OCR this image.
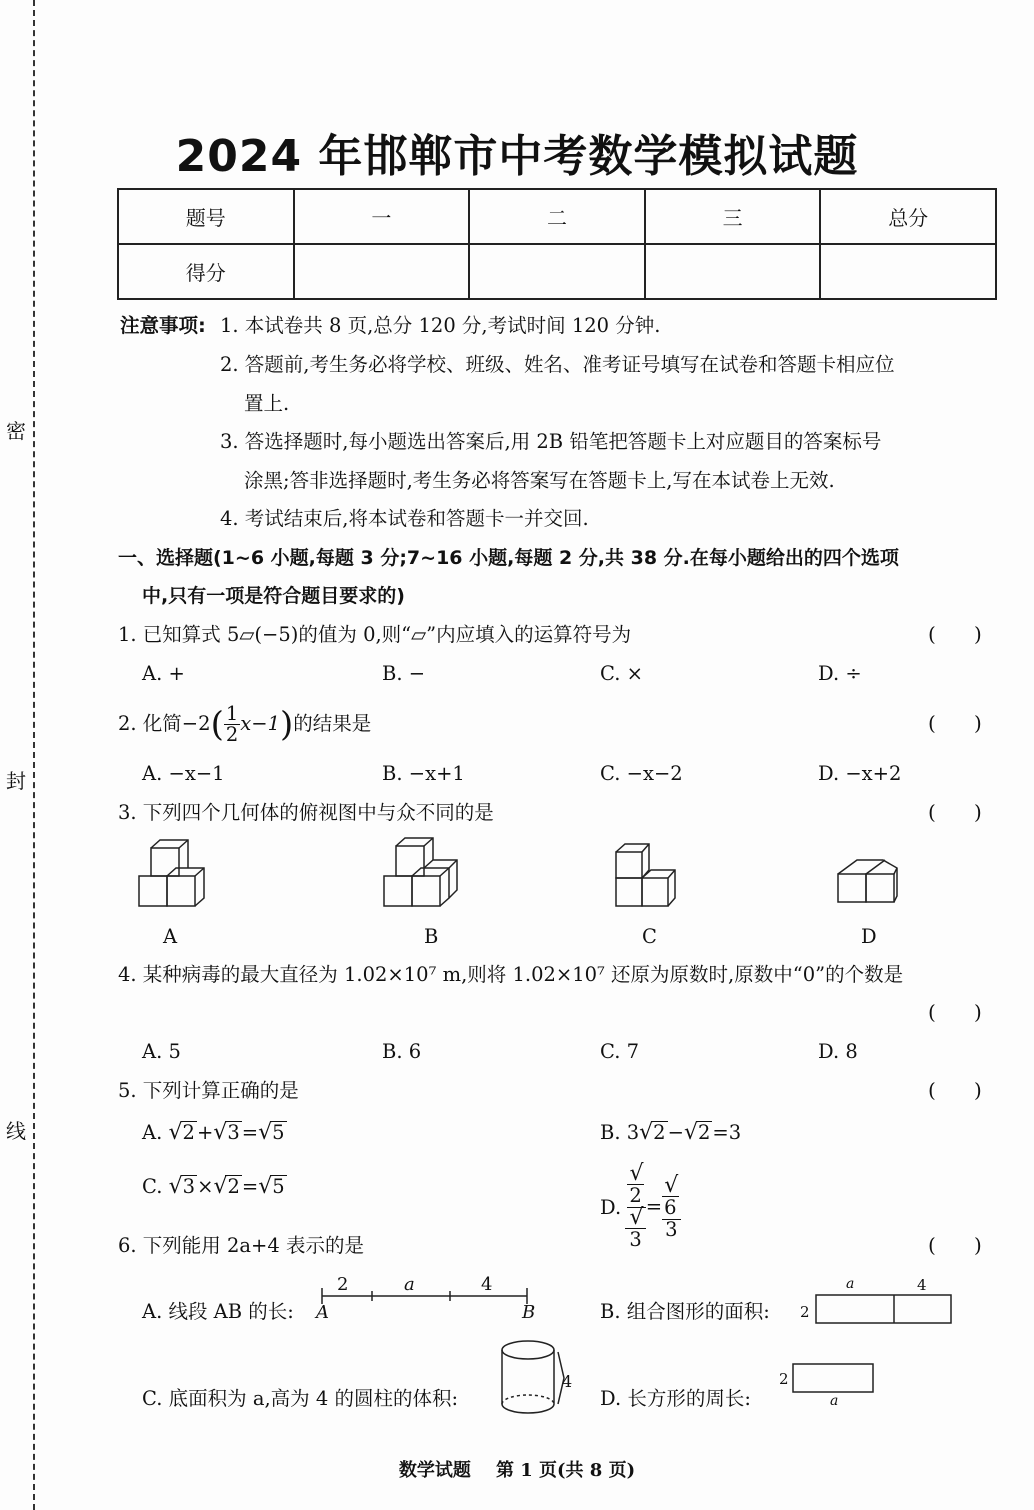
密
封
线
2024 年邯郸市中考数学模拟试题
题号	一	二	三	总分
得分				
注意事项: 1. 本试卷共 8 页,总分 120 分,考试时间 120 分钟.
2. 答题前,考生务必将学校、班级、姓名、准考证号填写在试卷和答题卡相应位
置上.
3. 答选择题时,每小题选出答案后,用 2B 铅笔把答题卡上对应题目的答案标号
涂黑;答非选择题时,考生务必将答案写在答题卡上,写在本试卷上无效.
4. 考试结束后,将本试卷和答题卡一并交回.
一、选择题(1~6 小题,每题 3 分;7~16 小题,每题 2 分,共 38 分.在每小题给出的四个选项
中,只有一项是符合题目要求的)
1. 已知算式 5▱(−5)的值为 0,则“▱”内应填入的运算符号为	(      )
A. +	B. −	C. ×	D. ÷
2. 化简$-2( \frac{1}{2} x-1)$的结果是	(      )
A. −x−1	B. −x+1	C. −x−2	D. −x+2
3. 下列四个几何体的俯视图中与众不同的是	(      )
A	B	C	D
4. 某种病毒的最大直径为 1.02×10⁷ m,则将 1.02×10⁷ 还原为原数时,原数中“0”的个数是
(      )
A. 5	B. 6	C. 7	D. 8
5. 下列计算正确的是	(      )
A. √2 +√3 =√5	B. 3√2 −√2 =3
C. √3 ×√2 =√5
D. √
2
√
3 = √
6
3
6. 下列能用 2a+4 表示的是	(      )
A. 线段 AB 的长:
2	a	4
A	B	B. 组合图形的面积:
a	4
2
C. 底面积为 a,高为 4 的圆柱的体积:
4
D. 长方形的周长:
2
a
数学试题    第 1 页(共 8 页)
